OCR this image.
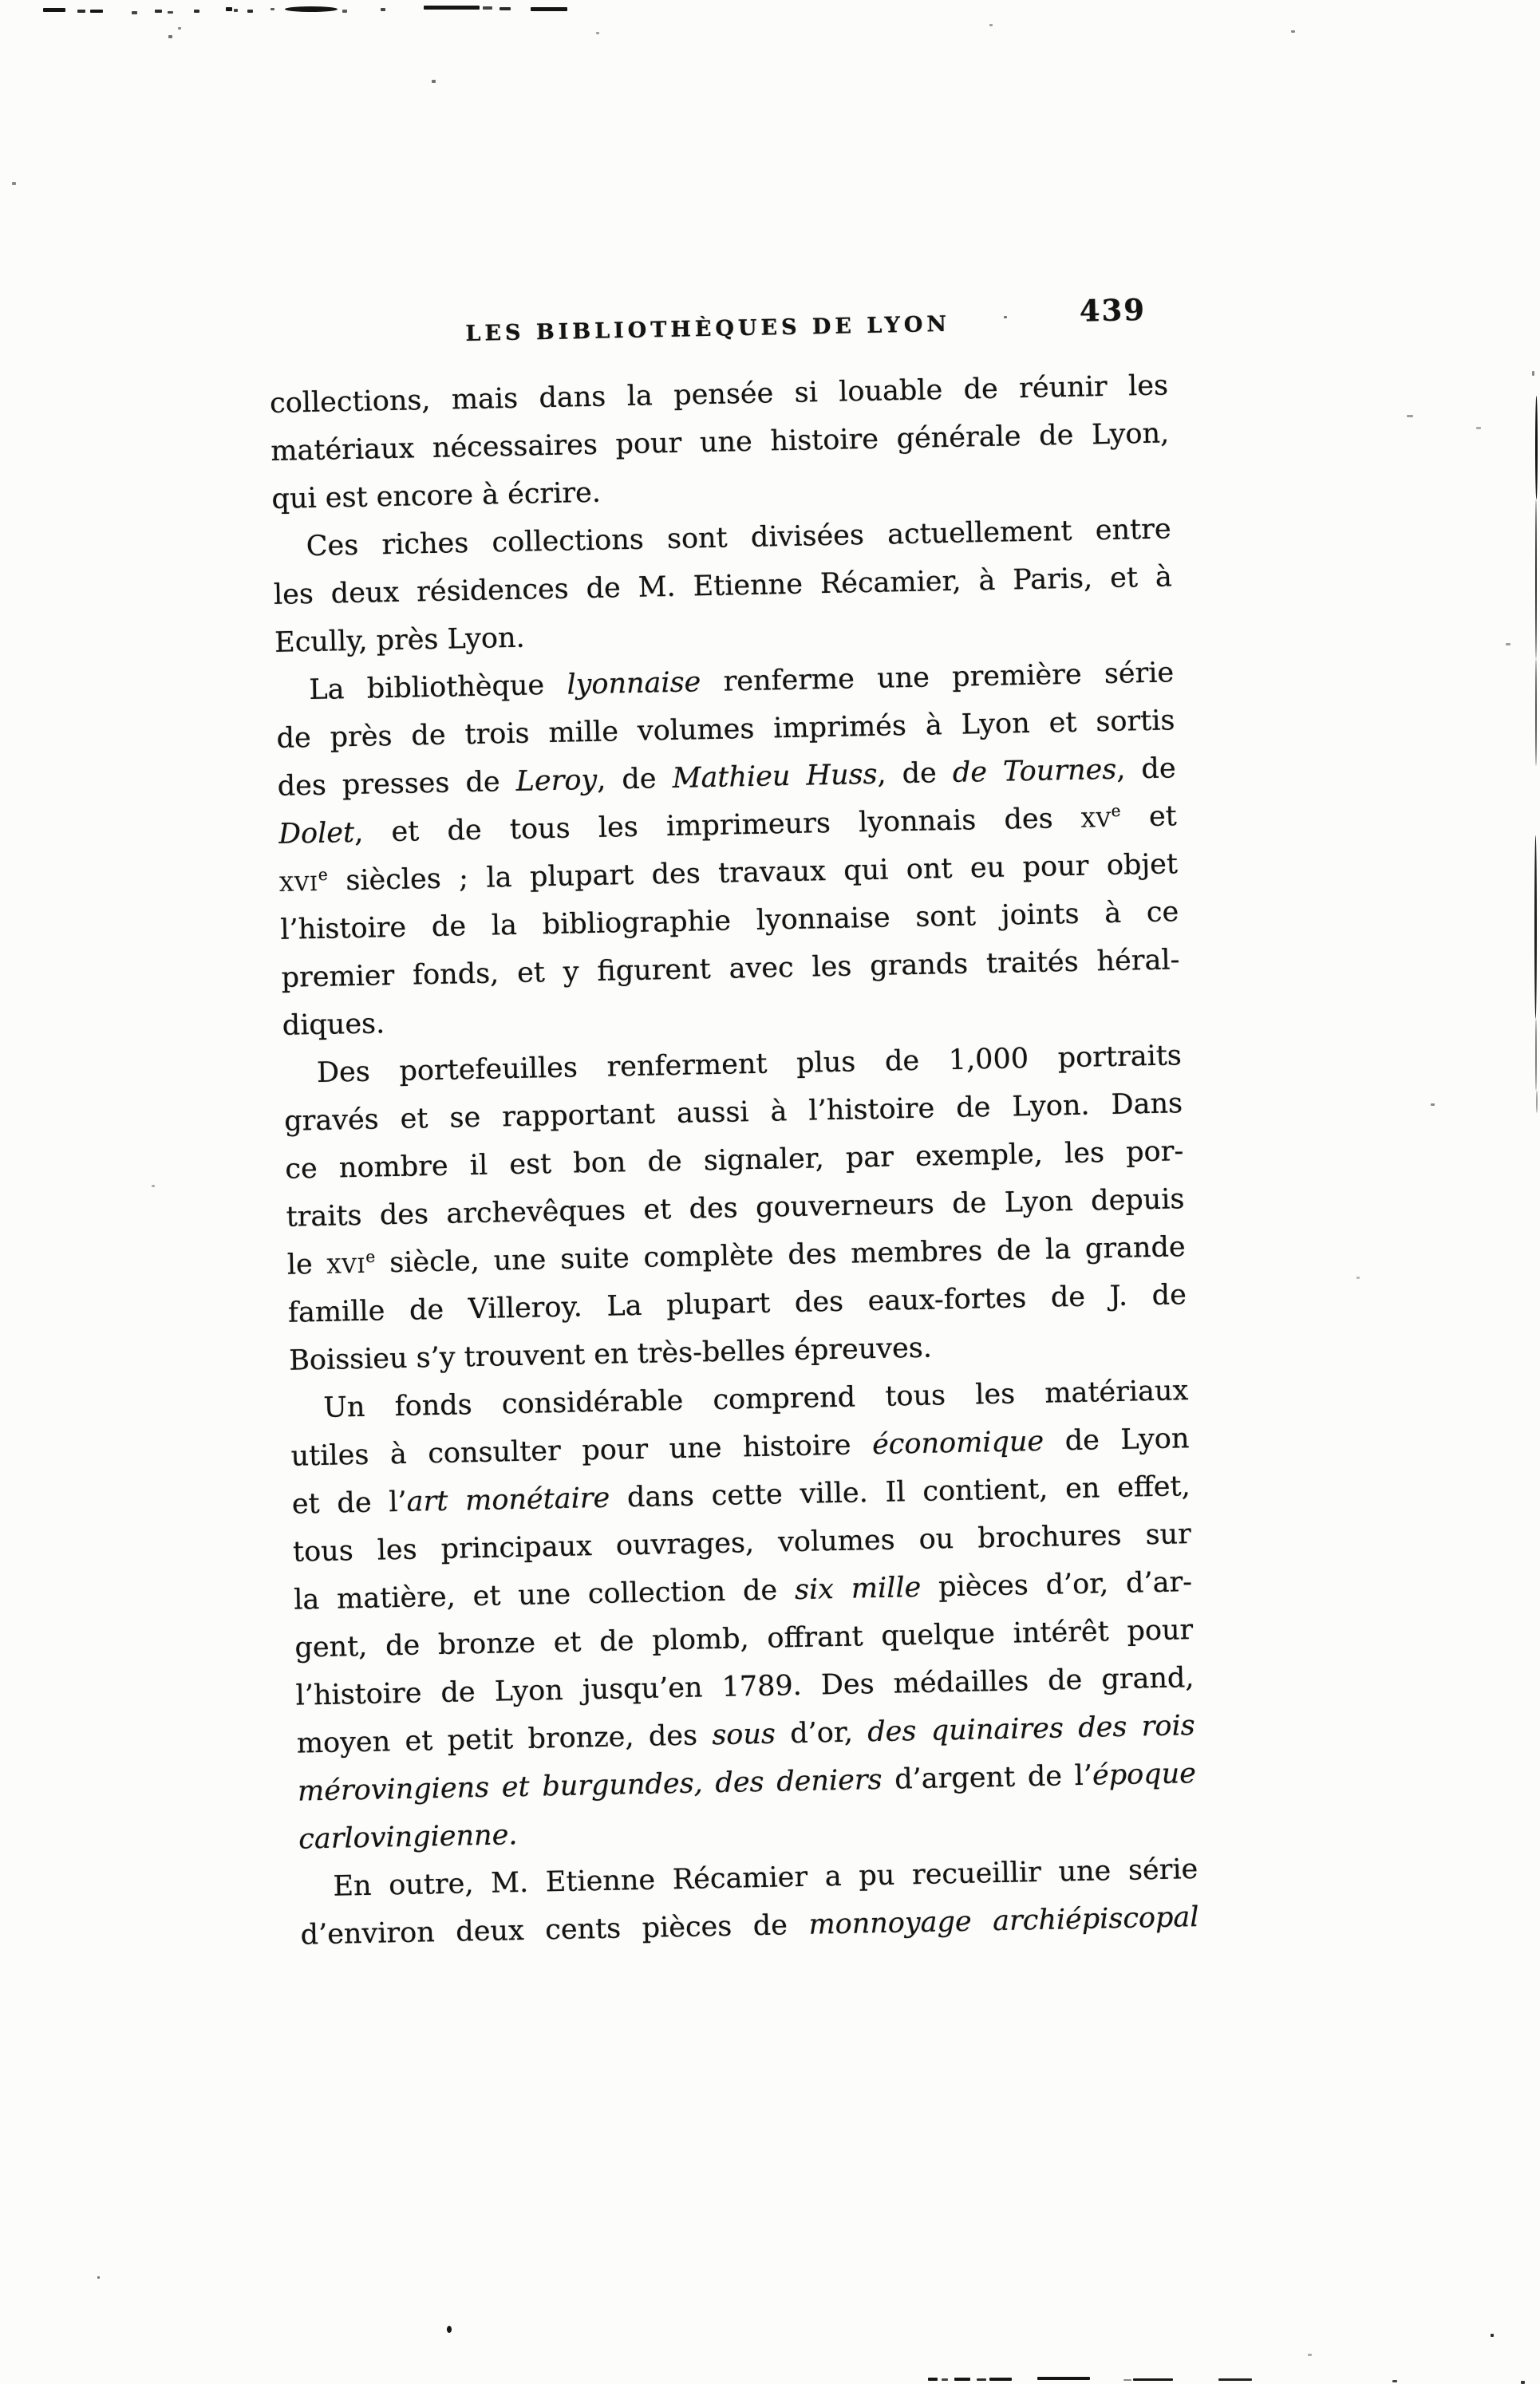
LES BIBLIOTHÈQUES DE LYON
439
collections, mais dans la pensée si louable de réunir les
matériaux nécessaires pour une histoire générale de Lyon,
qui est encore à écrire.
Ces riches collections sont divisées actuellement entre
les deux résidences de M. Etienne Récamier, à Paris, et à
Ecully, près Lyon.
La bibliothèque lyonnaise renferme une première série
de près de trois mille volumes imprimés à Lyon et sortis
des presses de Leroy, de Mathieu Huss, de de Tournes, de
Dolet, et de tous les imprimeurs lyonnais des $xv^e$ et
xvi$^e$ siècles ; la plupart des travaux qui ont eu pour objet
l’histoire de la bibliographie lyonnaise sont joints à ce
premier fonds, et y figurent avec les grands traités héral-
diques.
Des portefeuilles renferment plus de 1,000 portraits
gravés et se rapportant aussi à l’histoire de Lyon. Dans
ce nombre il est bon de signaler, par exemple, les por-
traits des archevêques et des gouverneurs de Lyon depuis
le xvi$^e$ siècle, une suite complète des membres de la grande
famille de Villeroy. La plupart des eaux-fortes de J. de
Boissieu s’y trouvent en très-belles épreuves.
Un fonds considérable comprend tous les matériaux
utiles à consulter pour une histoire économique de Lyon
et de l’art monétaire dans cette ville. Il contient, en effet,
tous les principaux ouvrages, volumes ou brochures sur
la matière, et une collection de six mille pièces d’or, d’ar-
gent, de bronze et de plomb, offrant quelque intérêt pour
l’histoire de Lyon jusqu’en 1789. Des médailles de grand,
moyen et petit bronze, des sous d’or, des quinaires des rois
mérovingiens et burgundes, des deniers d’argent de l’époque
carlovingienne.
En outre, M. Etienne Récamier a pu recueillir une série
d’environ deux cents pièces de monnoyage archiépiscopal
